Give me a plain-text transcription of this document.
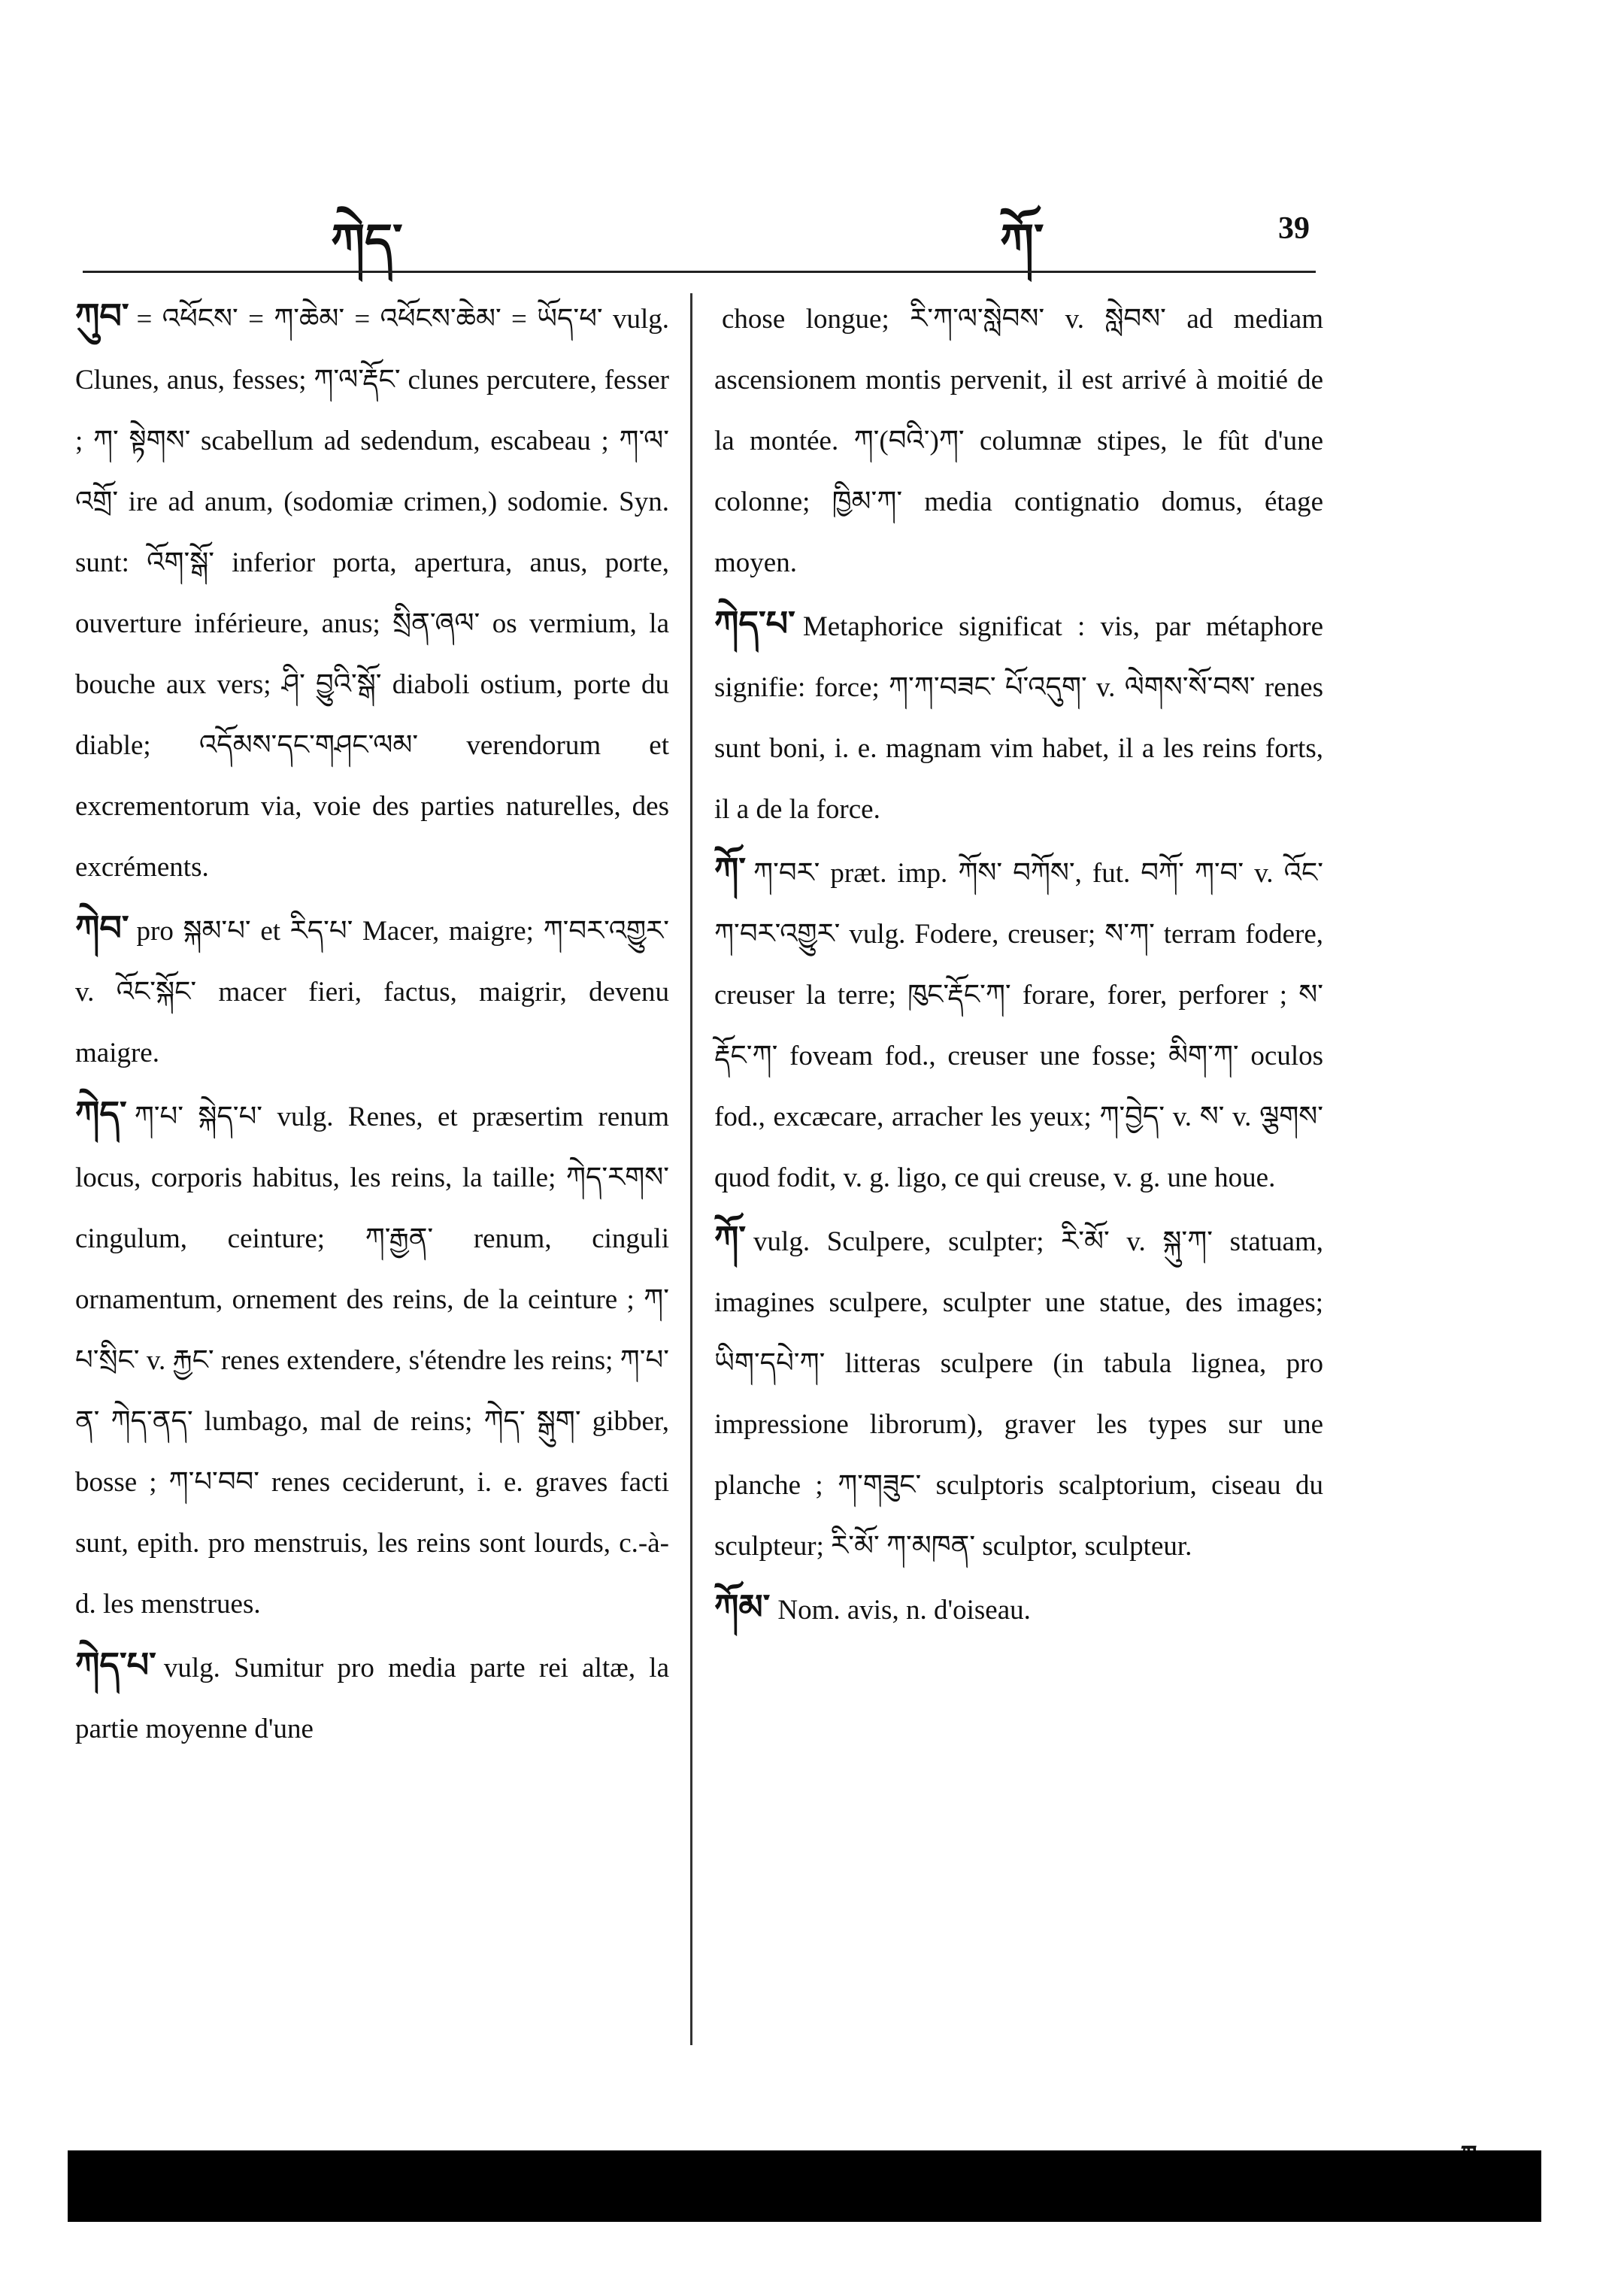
ཀེད་	ཀོ་	39

ཀུབ་ = འཕོངས་ = ཀ་ཆེམ་ = འཕོངས་ཆེམ་ = ཡོད་ཕ་ vulg. Clunes, anus, fesses; ཀ་ལ་རྡོང་ clunes percutere, fesser ; ཀ་ སྟེགས་ scabellum ad sedendum, escabeau ; ཀ་ལ་འགྲོ་ ire ad anum, (sodomiæ crimen,) sodomie. Syn. sunt: འོག་སྒོ་ inferior porta, apertura, anus, porte, ouverture inférieure, anus; སྲིན་ཞལ་ os vermium, la bouche aux vers; ཤི་ བྱུའི་སྒོ་ diaboli ostium, porte du diable; འདོམས་དང་གཤང་ལམ་ verendorum et excrementorum via, voie des parties naturelles, des excréments.

ཀེབ་ pro སྐམ་པ་ et རིད་པ་ Macer, maigre; ཀ་བར་འགྱུར་ v. འོང་སྐོང་ macer fieri, factus, maigrir, devenu maigre.

ཀེད་ ཀ་པ་ སྐེད་པ་ vulg. Renes, et præsertim renum locus, corporis habitus, les reins, la taille; ཀེད་རགས་ cingulum, ceinture; ཀ་རྒྱན་ renum, cinguli ornamentum, ornement des reins, de la ceinture ; ཀ་པ་སྲིང་ v. རྐྱང་ renes extendere, s'étendre les reins; ཀ་པ་ན་ ཀེད་ནད་ lumbago, mal de reins; ཀེད་ སྒུག་ gibber, bosse ; ཀ་པ་བབ་ renes ceciderunt, i. e. graves facti sunt, epith. pro menstruis, les reins sont lourds, c.-à-d. les menstrues.

ཀེད་པ་ vulg. Sumitur pro media parte rei altæ, la partie moyenne d'une

chose longue; རི་ཀ་ལ་སླེབས་ v. སླེབས་ ad mediam ascensionem montis pervenit, il est arrivé à moitié de la montée. ཀ་(བའི་)ཀ་ columnæ stipes, le fût d'une colonne; ཁྱིམ་ཀ་ media contignatio domus, étage moyen.

ཀེད་པ་ Metaphorice significat : vis, par métaphore signifie: force; ཀ་ཀ་བཟང་ པོ་འདུག་ v. ལེགས་སོ་བས་ renes sunt boni, i. e. magnam vim habet, il a les reins forts, il a de la force.

ཀོ་ ཀ་བར་ præt. imp. ཀོས་ བཀོས་, fut. བཀོ་ ཀ་བ་ v. འོང་ ཀ་བར་འགྱུར་ vulg. Fodere, creuser; ས་ཀ་ terram fodere, creuser la terre; ཁུང་རྡོང་ཀ་ forare, forer, perforer ; ས་རྡོང་ཀ་ foveam fod., creuser une fosse; མིག་ཀ་ oculos fod., excæcare, arracher les yeux; ཀ་བྱེད་ v. ས་ v. ལྕགས་ quod fodit, v. g. ligo, ce qui creuse, v. g. une houe.

ཀོ་ vulg. Sculpere, sculpter; རི་མོ་ v. སྐུ་ཀ་ statuam, imagines sculpere, sculpter une statue, des images; ཡིག་དཔེ་ཀ་ litteras sculpere (in tabula lignea, pro impressione librorum), graver les types sur une planche ; ཀ་གཟུང་ sculptoris scalptorium, ciseau du sculpteur; རི་མོ་ ཀ་མཁན་ sculptor, sculpteur.

ཀོམ་ Nom. avis, n. d'oiseau.
